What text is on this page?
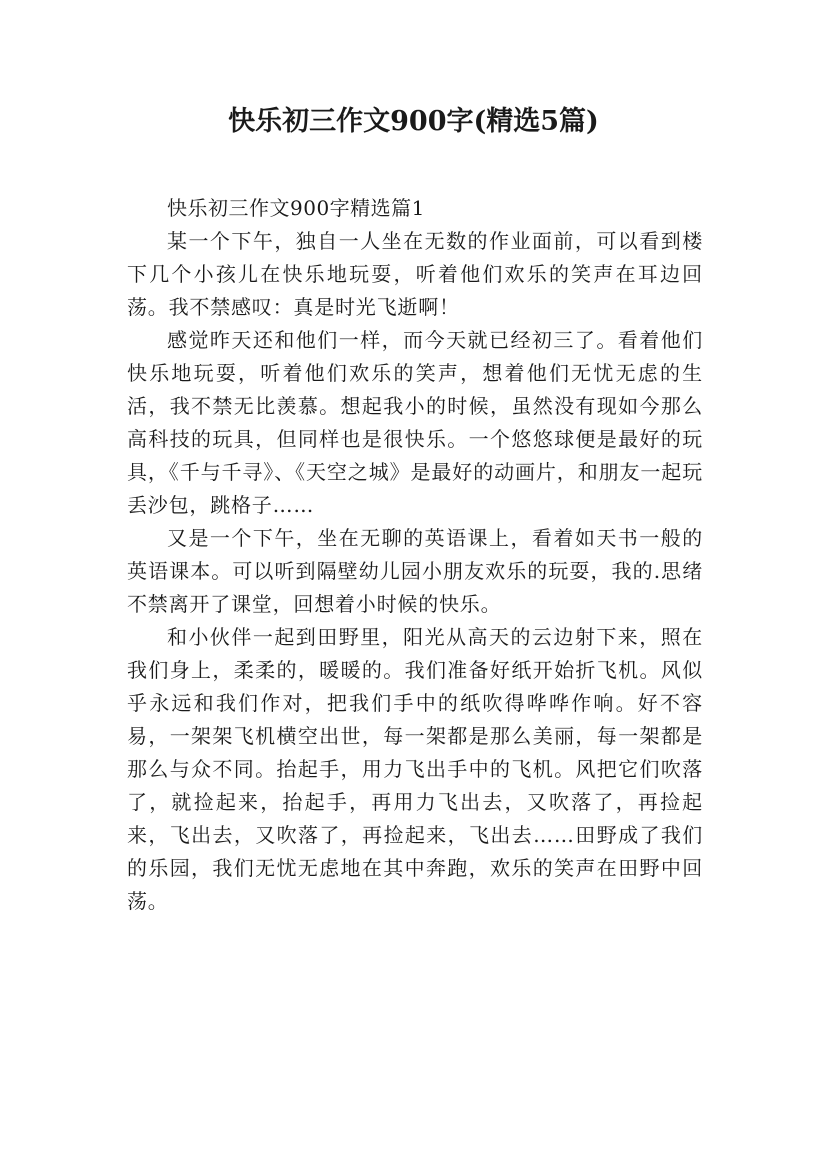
快乐初三作文900字(精选5篇)

快乐初三作文900字精选篇1

某一个下午，独自一人坐在无数的作业面前，可以看到楼下几个小孩儿在快乐地玩耍，听着他们欢乐的笑声在耳边回荡。我不禁感叹：真是时光飞逝啊！

感觉昨天还和他们一样，而今天就已经初三了。看着他们快乐地玩耍，听着他们欢乐的笑声，想着他们无忧无虑的生活，我不禁无比羡慕。想起我小的时候，虽然没有现如今那么高科技的玩具，但同样也是很快乐。一个悠悠球便是最好的玩具，《千与千寻》、《天空之城》是最好的动画片，和朋友一起玩丢沙包，跳格子……

又是一个下午，坐在无聊的英语课上，看着如天书一般的英语课本。可以听到隔壁幼儿园小朋友欢乐的玩耍，我的.思绪不禁离开了课堂，回想着小时候的快乐。

和小伙伴一起到田野里，阳光从高天的云边射下来，照在我们身上，柔柔的，暖暖的。我们准备好纸开始折飞机。风似乎永远和我们作对，把我们手中的纸吹得哗哗作响。好不容易，一架架飞机横空出世，每一架都是那么美丽，每一架都是那么与众不同。抬起手，用力飞出手中的飞机。风把它们吹落了，就捡起来，抬起手，再用力飞出去，又吹落了，再捡起来，飞出去，又吹落了，再捡起来，飞出去……田野成了我们的乐园，我们无忧无虑地在其中奔跑，欢乐的笑声在田野中回荡。
